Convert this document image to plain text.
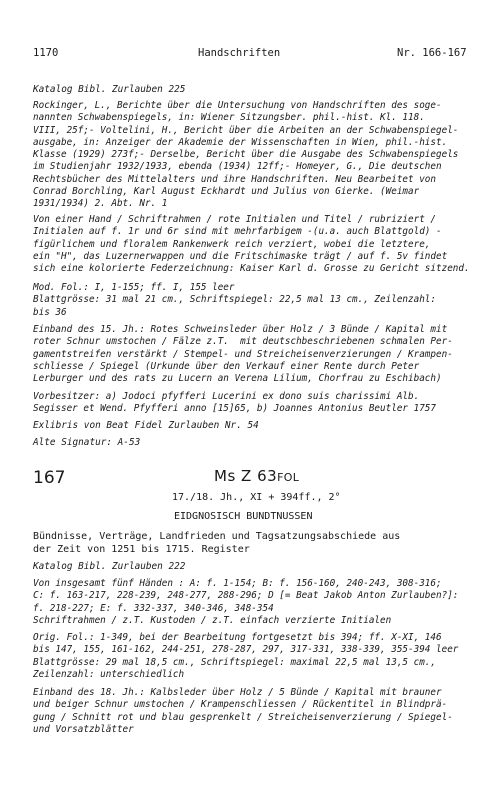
1170	Handschriften	Nr. 166-167
Katalog Bibl. Zurlauben 225
Rockinger, L., Berichte über die Untersuchung von Handschriften des soge-
nannten Schwabenspiegels, in: Wiener Sitzungsber. phil.-hist. Kl. 118.
VIII, 25f;- Voltelini, H., Bericht über die Arbeiten an der Schwabenspiegel-
ausgabe, in: Anzeiger der Akademie der Wissenschaften in Wien, phil.-hist.
Klasse (1929) 273f;- Derselbe, Bericht über die Ausgabe des Schwabenspiegels
im Studienjahr 1932/1933, ebenda (1934) 12ff;- Homeyer, G., Die deutschen
Rechtsbücher des Mittelalters und ihre Handschriften. Neu Bearbeitet von
Conrad Borchling, Karl August Eckhardt und Julius von Gierke. (Weimar
1931/1934) 2. Abt. Nr. 1
Von einer Hand / Schriftrahmen / rote Initialen und Titel / rubriziert /
Initialen auf f. 1r und 6r sind mit mehrfarbigem -(u.a. auch Blattgold) -
figürlichem und floralem Rankenwerk reich verziert, wobei die letztere,
ein "H", das Luzernerwappen und die Fritschimaske trägt / auf f. 5v findet
sich eine kolorierte Federzeichnung: Kaiser Karl d. Grosse zu Gericht sitzend.
Mod. Fol.: I, 1-155; ff. I, 155 leer
Blattgrösse: 31 mal 21 cm., Schriftspiegel: 22,5 mal 13 cm., Zeilenzahl:
bis 36
Einband des 15. Jh.: Rotes Schweinsleder über Holz / 3 Bünde / Kapital mit
roter Schnur umstochen / Fälze z.T.  mit deutschbeschriebenen schmalen Per-
gamentstreifen verstärkt / Stempel- und Streicheisenverzierungen / Krampen-
schliesse / Spiegel (Urkunde über den Verkauf einer Rente durch Peter
Lerburger und des rats zu Lucern an Verena Lilium, Chorfrau zu Eschibach)
Vorbesitzer: a) Jodoci pfyfferi Lucerini ex dono suis charissimi Alb.
Segisser et Wend. Pfyfferi anno [15]65, b) Joannes Antonius Beutler 1757
Exlibris von Beat Fidel Zurlauben Nr. 54
Alte Signatur: A-53
167	Ms Z 63FOL
17./18. Jh., XI + 394ff., 2°
EIDGNOSISCH BUNDTNUSSEN
Bündnisse, Verträge, Landfrieden und Tagsatzungsabschiede aus
der Zeit von 1251 bis 1715. Register
Katalog Bibl. Zurlauben 222
Von insgesamt fünf Händen : A: f. 1-154; B: f. 156-160, 240-243, 308-316;
C: f. 163-217, 228-239, 248-277, 288-296; D [= Beat Jakob Anton Zurlauben?]:
f. 218-227; E: f. 332-337, 340-346, 348-354
Schriftrahmen / z.T. Kustoden / z.T. einfach verzierte Initialen
Orig. Fol.: 1-349, bei der Bearbeitung fortgesetzt bis 394; ff. X-XI, 146
bis 147, 155, 161-162, 244-251, 278-287, 297, 317-331, 338-339, 355-394 leer
Blattgrösse: 29 mal 18,5 cm., Schriftspiegel: maximal 22,5 mal 13,5 cm.,
Zeilenzahl: unterschiedlich
Einband des 18. Jh.: Kalbsleder über Holz / 5 Bünde / Kapital mit brauner
und beiger Schnur umstochen / Krampenschliessen / Rückentitel in Blindprä-
gung / Schnitt rot und blau gesprenkelt / Streicheisenverzierung / Spiegel-
und Vorsatzblätter
